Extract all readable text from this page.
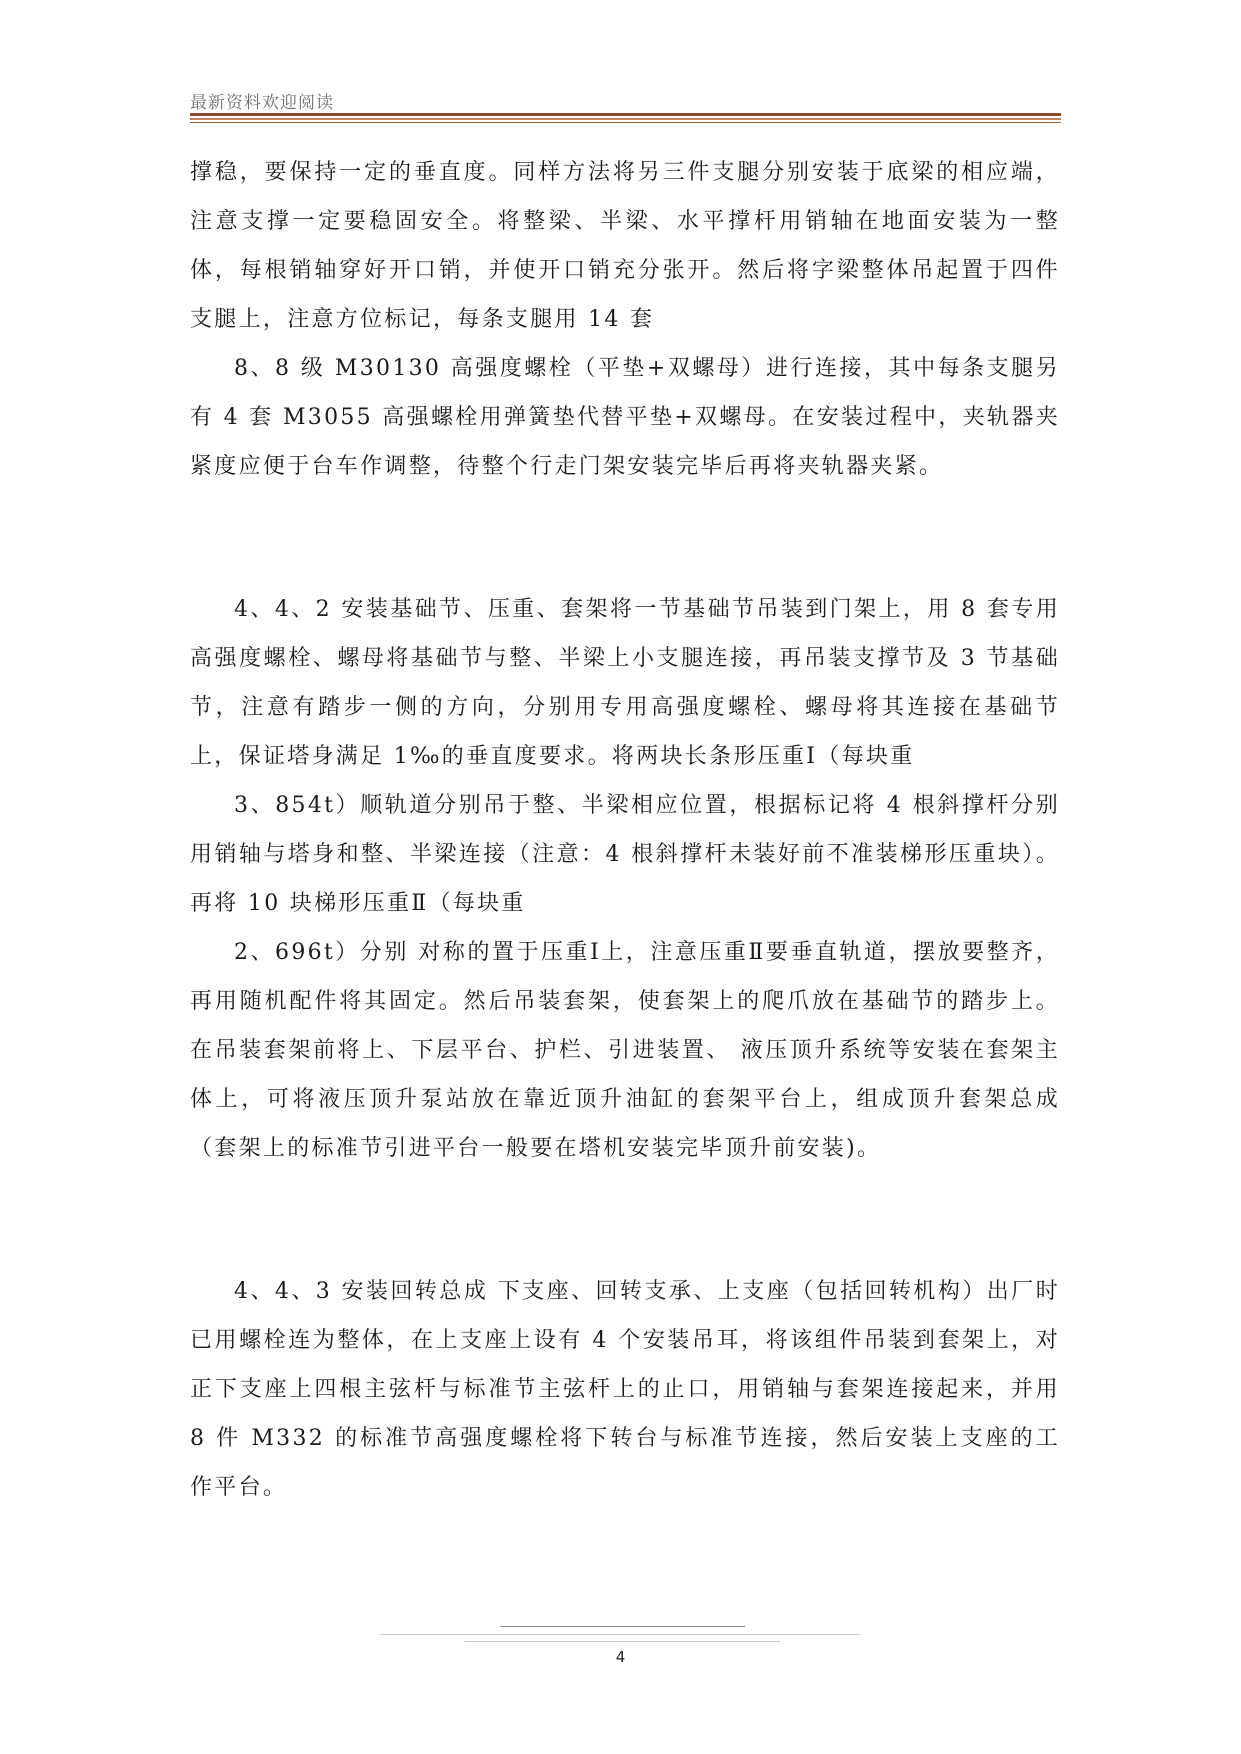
最新资料欢迎阅读

撑稳，要保持一定的垂直度。同样方法将另三件支腿分别安装于底梁的相应端，注意支撑一定要稳固安全。将整梁、半梁、水平撑杆用销轴在地面安装为一整体，每根销轴穿好开口销，并使开口销充分张开。然后将字梁整体吊起置于四件支腿上，注意方位标记，每条支腿用 14 套

8、8 级 M30130 高强度螺栓（平垫+双螺母）进行连接，其中每条支腿另有 4 套 M3055 高强螺栓用弹簧垫代替平垫+双螺母。在安装过程中，夹轨器夹紧度应便于台车作调整，待整个行走门架安装完毕后再将夹轨器夹紧。

4、4、2 安装基础节、压重、套架将一节基础节吊装到门架上，用 8 套专用高强度螺栓、螺母将基础节与整、半梁上小支腿连接，再吊装支撑节及 3 节基础节，注意有踏步一侧的方向，分别用专用高强度螺栓、螺母将其连接在基础节上，保证塔身满足 1‰的垂直度要求。将两块长条形压重Ⅰ（每块重

3、854t）顺轨道分别吊于整、半梁相应位置，根据标记将 4 根斜撑杆分别用销轴与塔身和整、半梁连接（注意：4 根斜撑杆未装好前不准装梯形压重块）。再将 10 块梯形压重Ⅱ（每块重

2、696t）分别 对称的置于压重Ⅰ上，注意压重Ⅱ要垂直轨道，摆放要整齐，再用随机配件将其固定。然后吊装套架，使套架上的爬爪放在基础节的踏步上。在吊装套架前将上、下层平台、护栏、引进装置、 液压顶升系统等安装在套架主体上，可将液压顶升泵站放在靠近顶升油缸的套架平台上，组成顶升套架总成（套架上的标准节引进平台一般要在塔机安装完毕顶升前安装)。

4、4、3 安装回转总成 下支座、回转支承、上支座（包括回转机构）出厂时已用螺栓连为整体，在上支座上设有 4 个安装吊耳，将该组件吊装到套架上，对正下支座上四根主弦杆与标准节主弦杆上的止口，用销轴与套架连接起来，并用 8 件 M332 的标准节高强度螺栓将下转台与标准节连接，然后安装上支座的工作平台。

4
